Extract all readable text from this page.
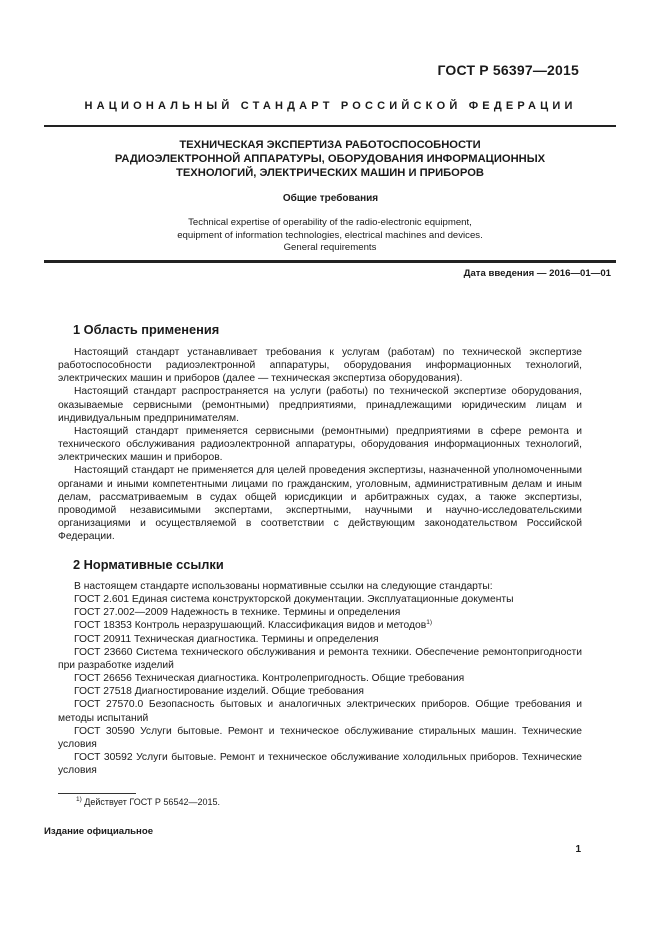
ГОСТ Р 56397—2015
НАЦИОНАЛЬНЫЙ СТАНДАРТ РОССИЙСКОЙ ФЕДЕРАЦИИ
ТЕХНИЧЕСКАЯ ЭКСПЕРТИЗА РАБОТОСПОСОБНОСТИ
РАДИОЭЛЕКТРОННОЙ АППАРАТУРЫ, ОБОРУДОВАНИЯ ИНФОРМАЦИОННЫХ
ТЕХНОЛОГИЙ, ЭЛЕКТРИЧЕСКИХ МАШИН И ПРИБОРОВ
Общие требования
Technical expertise of operability of the radio-electronic equipment,
equipment of information technologies, electrical machines and devices.
General requirements
Дата введения — 2016—01—01
1 Область применения

Настоящий стандарт устанавливает требования к услугам (работам) по технической экспертизе работоспособности радиоэлектронной аппаратуры, оборудования информационных технологий, электрических машин и приборов (далее — техническая экспертиза оборудования).

Настоящий стандарт распространяется на услуги (работы) по технической экспертизе оборудования, оказываемые сервисными (ремонтными) предприятиями, принадлежащими юридическим лицам и индивидуальным предпринимателям.

Настоящий стандарт применяется сервисными (ремонтными) предприятиями в сфере ремонта и технического обслуживания радиоэлектронной аппаратуры, оборудования информационных технологий, электрических машин и приборов.

Настоящий стандарт не применяется для целей проведения экспертизы, назначенной уполномоченными органами и иными компетентными лицами по гражданским, уголовным, административным делам и иным делам, рассматриваемым в судах общей юрисдикции и арбитражных судах, а также экспертизы, проводимой независимыми экспертами, экспертными, научными и научно-исследовательскими организациями и осуществляемой в соответствии с действующим законодательством Российской Федерации.

2 Нормативные ссылки

В настоящем стандарте использованы нормативные ссылки на следующие стандарты:

ГОСТ 2.601 Единая система конструкторской документации. Эксплуатационные документы

ГОСТ 27.002—2009 Надежность в технике. Термины и определения

ГОСТ 18353 Контроль неразрушающий. Классификация видов и методов$^{1)}$

ГОСТ 20911 Техническая диагностика. Термины и определения

ГОСТ 23660 Система технического обслуживания и ремонта техники. Обеспечение ремонтопригодности при разработке изделий

ГОСТ 26656 Техническая диагностика. Контролепригодность. Общие требования

ГОСТ 27518 Диагностирование изделий. Общие требования

ГОСТ 27570.0 Безопасность бытовых и аналогичных электрических приборов. Общие требования и методы испытаний

ГОСТ 30590 Услуги бытовые. Ремонт и техническое обслуживание стиральных машин. Технические условия

ГОСТ 30592 Услуги бытовые. Ремонт и техническое обслуживание холодильных приборов. Технические условия

$^{1)}$ Действует ГОСТ Р 56542—2015.
Издание официальное
1
